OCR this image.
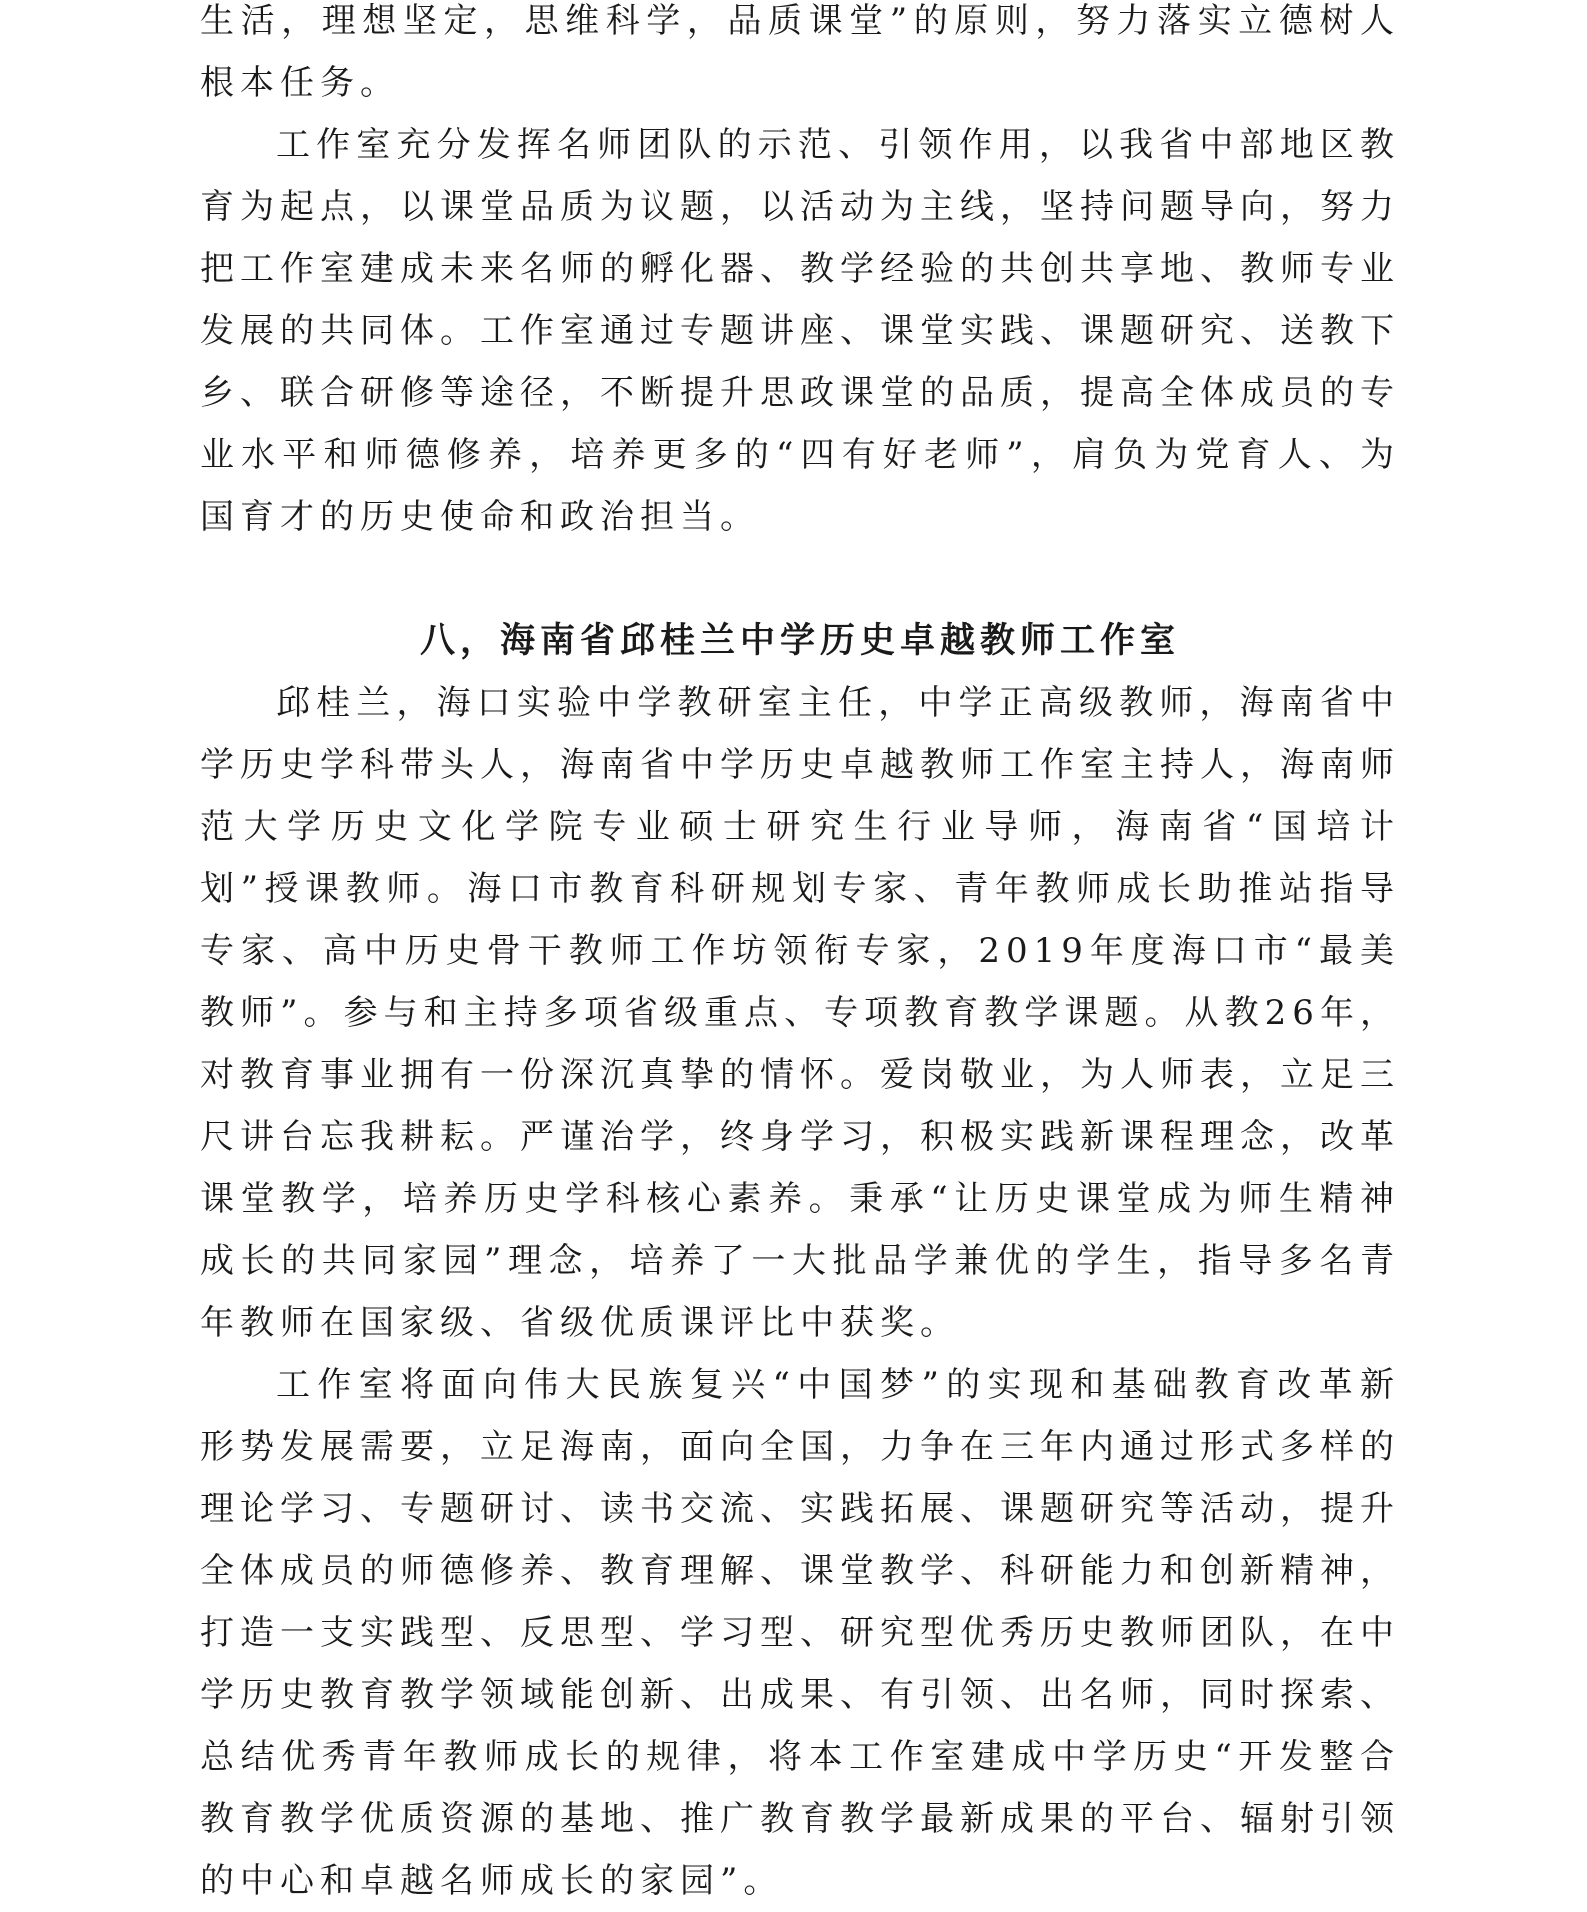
生活，理想坚定，思维科学，品质课堂”的原则，努力落实立德树人根本任务。

工作室充分发挥名师团队的示范、引领作用，以我省中部地区教育为起点，以课堂品质为议题，以活动为主线，坚持问题导向，努力把工作室建成未来名师的孵化器、教学经验的共创共享地、教师专业发展的共同体。工作室通过专题讲座、课堂实践、课题研究、送教下乡、联合研修等途径，不断提升思政课堂的品质，提高全体成员的专业水平和师德修养，培养更多的“四有好老师”，肩负为党育人、为国育才的历史使命和政治担当。

八，海南省邱桂兰中学历史卓越教师工作室

邱桂兰，海口实验中学教研室主任，中学正高级教师，海南省中学历史学科带头人，海南省中学历史卓越教师工作室主持人，海南师范大学历史文化学院专业硕士研究生行业导师，海南省“国培计划”授课教师。海口市教育科研规划专家、青年教师成长助推站指导专家、高中历史骨干教师工作坊领衔专家，2019年度海口市“最美教师”。参与和主持多项省级重点、专项教育教学课题。从教26年，对教育事业拥有一份深沉真挚的情怀。爱岗敬业，为人师表，立足三尺讲台忘我耕耘。严谨治学，终身学习，积极实践新课程理念，改革课堂教学，培养历史学科核心素养。秉承“让历史课堂成为师生精神成长的共同家园”理念，培养了一大批品学兼优的学生，指导多名青年教师在国家级、省级优质课评比中获奖。

工作室将面向伟大民族复兴“中国梦”的实现和基础教育改革新形势发展需要，立足海南，面向全国，力争在三年内通过形式多样的理论学习、专题研讨、读书交流、实践拓展、课题研究等活动，提升全体成员的师德修养、教育理解、课堂教学、科研能力和创新精神，打造一支实践型、反思型、学习型、研究型优秀历史教师团队，在中学历史教育教学领域能创新、出成果、有引领、出名师，同时探索、总结优秀青年教师成长的规律，将本工作室建成中学历史“开发整合教育教学优质资源的基地、推广教育教学最新成果的平台、辐射引领的中心和卓越名师成长的家园”。
